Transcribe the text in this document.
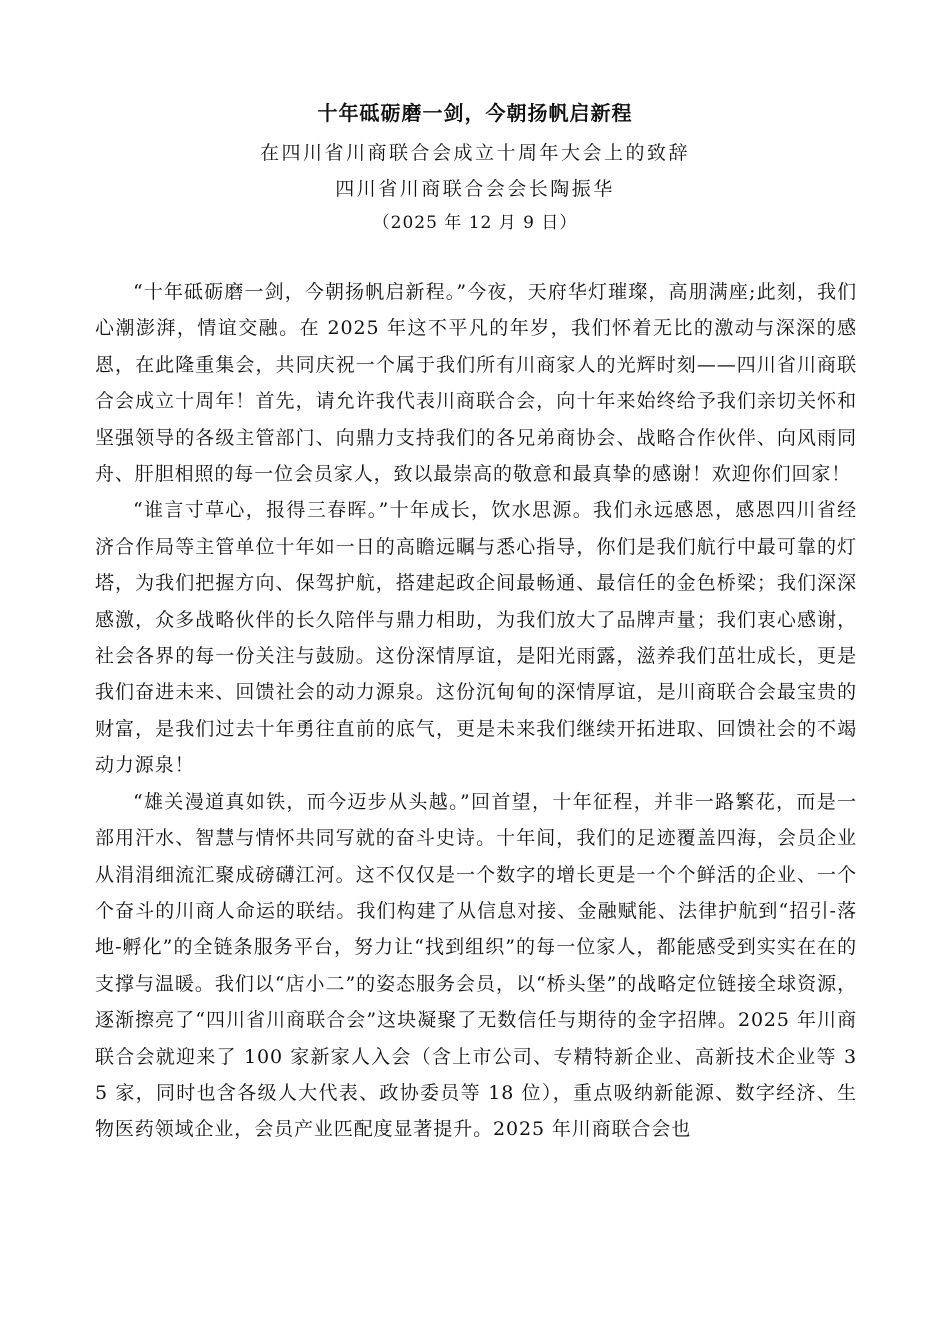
十年砥砺磨一剑，今朝扬帆启新程
在四川省川商联合会成立十周年大会上的致辞
四川省川商联合会会长陶振华
（2025 年 12 月 9 日）

“十年砥砺磨一剑，今朝扬帆启新程。”今夜，天府华灯璀璨，高朋满座;此刻，我们心潮澎湃，情谊交融。在 2025 年这不平凡的年岁，我们怀着无比的激动与深深的感恩，在此隆重集会，共同庆祝一个属于我们所有川商家人的光辉时刻——四川省川商联合会成立十周年！首先，请允许我代表川商联合会，向十年来始终给予我们亲切关怀和坚强领导的各级主管部门、向鼎力支持我们的各兄弟商协会、战略合作伙伴、向风雨同舟、肝胆相照的每一位会员家人，致以最崇高的敬意和最真挚的感谢！欢迎你们回家！

“谁言寸草心，报得三春晖。”十年成长，饮水思源。我们永远感恩，感恩四川省经济合作局等主管单位十年如一日的高瞻远瞩与悉心指导，你们是我们航行中最可靠的灯塔，为我们把握方向、保驾护航，搭建起政企间最畅通、最信任的金色桥梁；我们深深感激，众多战略伙伴的长久陪伴与鼎力相助，为我们放大了品牌声量；我们衷心感谢，社会各界的每一份关注与鼓励。这份深情厚谊，是阳光雨露，滋养我们茁壮成长，更是我们奋进未来、回馈社会的动力源泉。这份沉甸甸的深情厚谊，是川商联合会最宝贵的财富，是我们过去十年勇往直前的底气，更是未来我们继续开拓进取、回馈社会的不竭动力源泉！

“雄关漫道真如铁，而今迈步从头越。”回首望，十年征程，并非一路繁花，而是一部用汗水、智慧与情怀共同写就的奋斗史诗。十年间，我们的足迹覆盖四海，会员企业从涓涓细流汇聚成磅礴江河。这不仅仅是一个数字的增长更是一个个鲜活的企业、一个个奋斗的川商人命运的联结。我们构建了从信息对接、金融赋能、法律护航到“招引-落地-孵化”的全链条服务平台，努力让“找到组织”的每一位家人，都能感受到实实在在的支撑与温暖。我们以“店小二”的姿态服务会员，以“桥头堡”的战略定位链接全球资源，逐渐擦亮了“四川省川商联合会”这块凝聚了无数信任与期待的金字招牌。2025 年川商联合会就迎来了 100 家新家人入会（含上市公司、专精特新企业、高新技术企业等 35 家，同时也含各级人大代表、政协委员等 18 位），重点吸纳新能源、数字经济、生物医药领域企业，会员产业匹配度显著提升。2025 年川商联合会也
